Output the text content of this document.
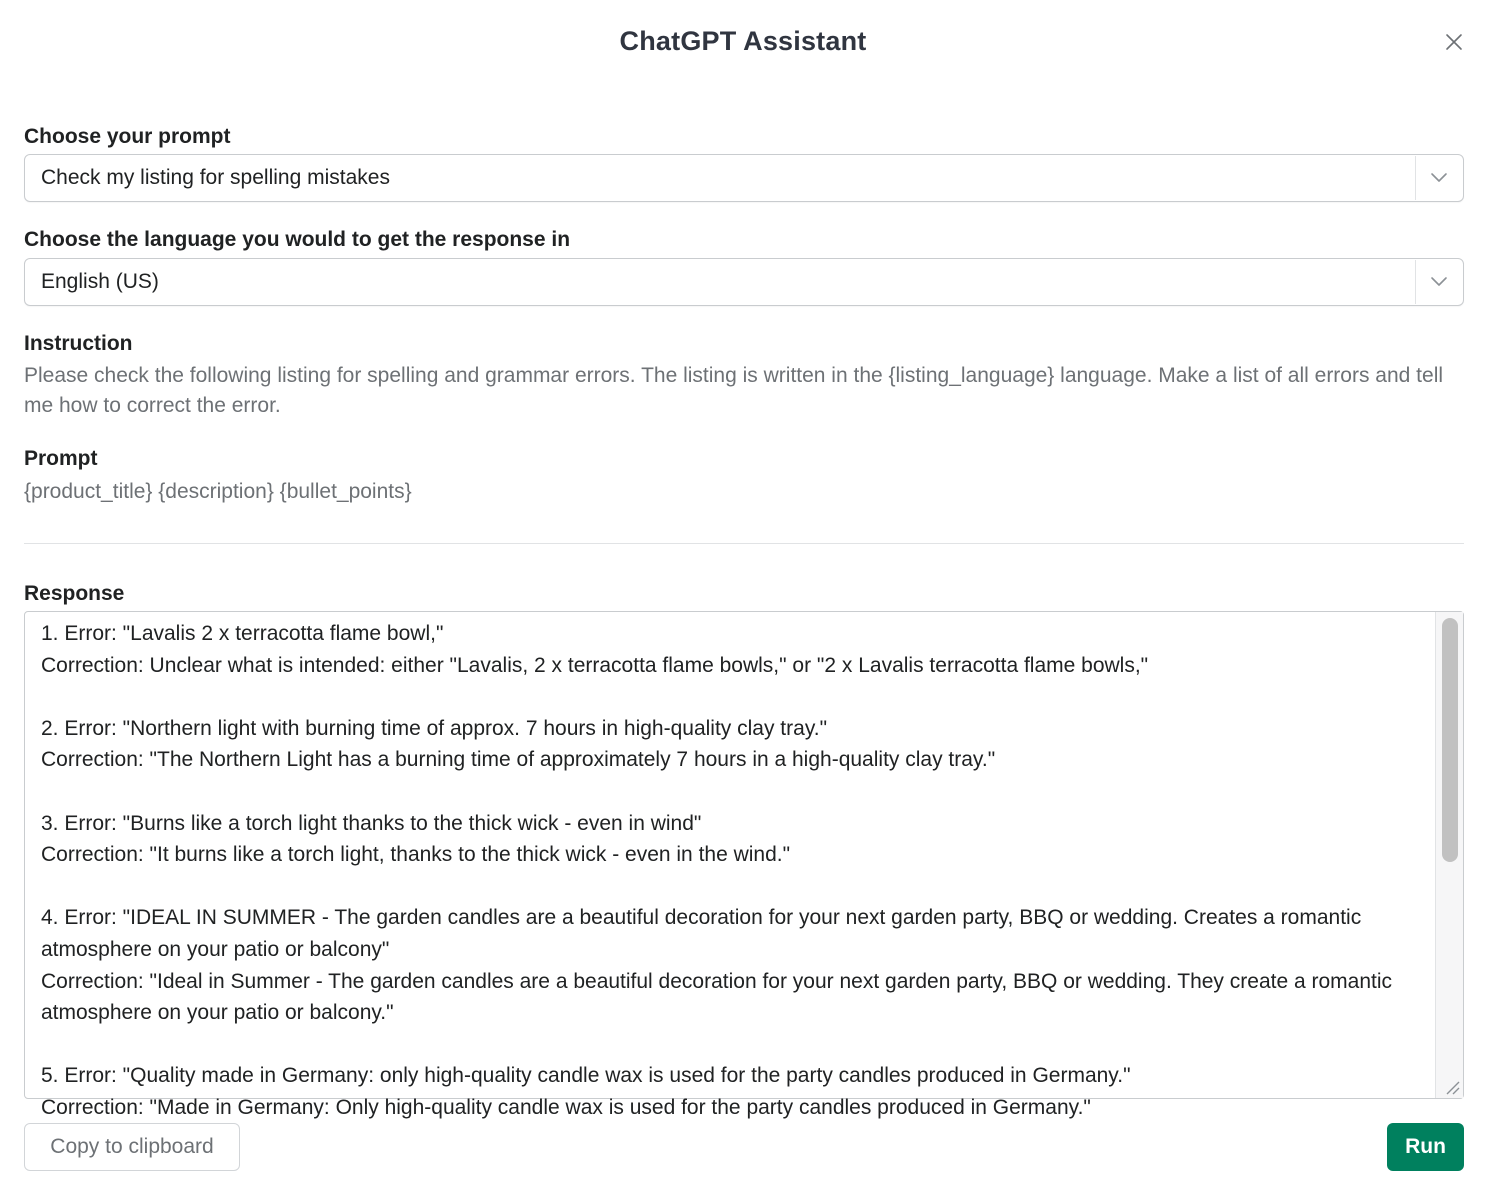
ChatGPT Assistant
Choose your prompt
Check my listing for spelling mistakes
Choose the language you would to get the response in
English (US)
Instruction
Please check the following listing for spelling and grammar errors. The listing is written in the {listing_language} language. Make a list of all errors and tell me how to correct the error.
Prompt
{product_title} {description} {bullet_points}
Response
1. Error: "Lavalis 2 x terracotta flame bowl,"
Correction: Unclear what is intended: either "Lavalis, 2 x terracotta flame bowls," or "2 x Lavalis terracotta flame bowls,"

2. Error: "Northern light with burning time of approx. 7 hours in high-quality clay tray."
Correction: "The Northern Light has a burning time of approximately 7 hours in a high-quality clay tray."

3. Error: "Burns like a torch light thanks to the thick wick - even in wind"
Correction: "It burns like a torch light, thanks to the thick wick - even in the wind."

4. Error: "IDEAL IN SUMMER - The garden candles are a beautiful decoration for your next garden party, BBQ or wedding. Creates a romantic atmosphere on your patio or balcony"
Correction: "Ideal in Summer - The garden candles are a beautiful decoration for your next garden party, BBQ or wedding. They create a romantic atmosphere on your patio or balcony."

5. Error: "Quality made in Germany: only high-quality candle wax is used for the party candles produced in Germany."
Correction: "Made in Germany: Only high-quality candle wax is used for the party candles produced in Germany."
Copy to clipboard	Run
